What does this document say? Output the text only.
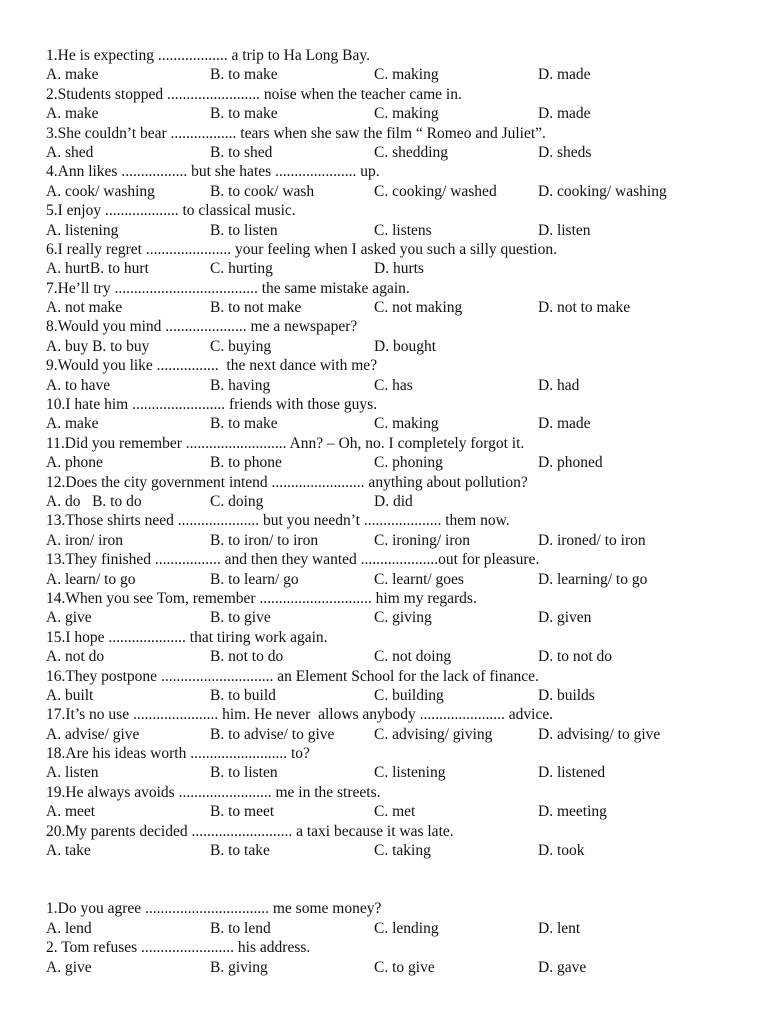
1.He is expecting .................. a trip to Ha Long Bay.
A. make	B. to make	C. making	D. made
2.Students stopped ........................ noise when the teacher came in.
A. make	B. to make	C. making	D. made
3.She couldn’t bear ................. tears when she saw the film “ Romeo and Juliet”.
A. shed	B. to shed	C. shedding	D. sheds
4.Ann likes ................. but she hates ..................... up.
A. cook/ washing	B. to cook/ wash	C. cooking/ washed	D. cooking/ washing
5.I enjoy ................... to classical music.
A. listening	B. to listen	C. listens	D. listen
6.I really regret ...................... your feeling when I asked you such a silly question.
A. hurtB. to hurt	C. hurting	D. hurts
7.He’ll try ..................................... the same mistake again.
A. not make	B. to not make	C. not making	D. not to make
8.Would you mind ..................... me a newspaper?
A. buy B. to buy	C. buying	D. bought
9.Would you like ................  the next dance with me?
A. to have	B. having	C. has	D. had
10.I hate him ........................ friends with those guys.
A. make	B. to make	C. making	D. made
11.Did you remember .......................... Ann? – Oh, no. I completely forgot it.
A. phone	B. to phone	C. phoning	D. phoned
12.Does the city government intend ........................ anything about pollution?
A. do   B. to do	C. doing	D. did
13.Those shirts need ..................... but you needn’t .................... them now.
A. iron/ iron	B. to iron/ to iron	C. ironing/ iron	D. ironed/ to iron
13.They finished ................. and then they wanted ....................out for pleasure.
A. learn/ to go	B. to learn/ go	C. learnt/ goes	D. learning/ to go
14.When you see Tom, remember ............................. him my regards.
A. give	B. to give	C. giving	D. given
15.I hope .................... that tiring work again.
A. not do	B. not to do	C. not doing	D. to not do
16.They postpone ............................. an Element School for the lack of finance.
A. built	B. to build	C. building	D. builds
17.It’s no use ...................... him. He never  allows anybody ...................... advice.
A. advise/ give	B. to advise/ to give	C. advising/ giving	D. advising/ to give
18.Are his ideas worth ......................... to?
A. listen	B. to listen	C. listening	D. listened
19.He always avoids ........................ me in the streets.
A. meet	B. to meet	C. met	D. meeting
20.My parents decided .......................... a taxi because it was late.
A. take	B. to take	C. taking	D. took
1.Do you agree ................................ me some money?
A. lend	B. to lend	C. lending	D. lent
2. Tom refuses ........................ his address.
A. give	B. giving	C. to give	D. gave
